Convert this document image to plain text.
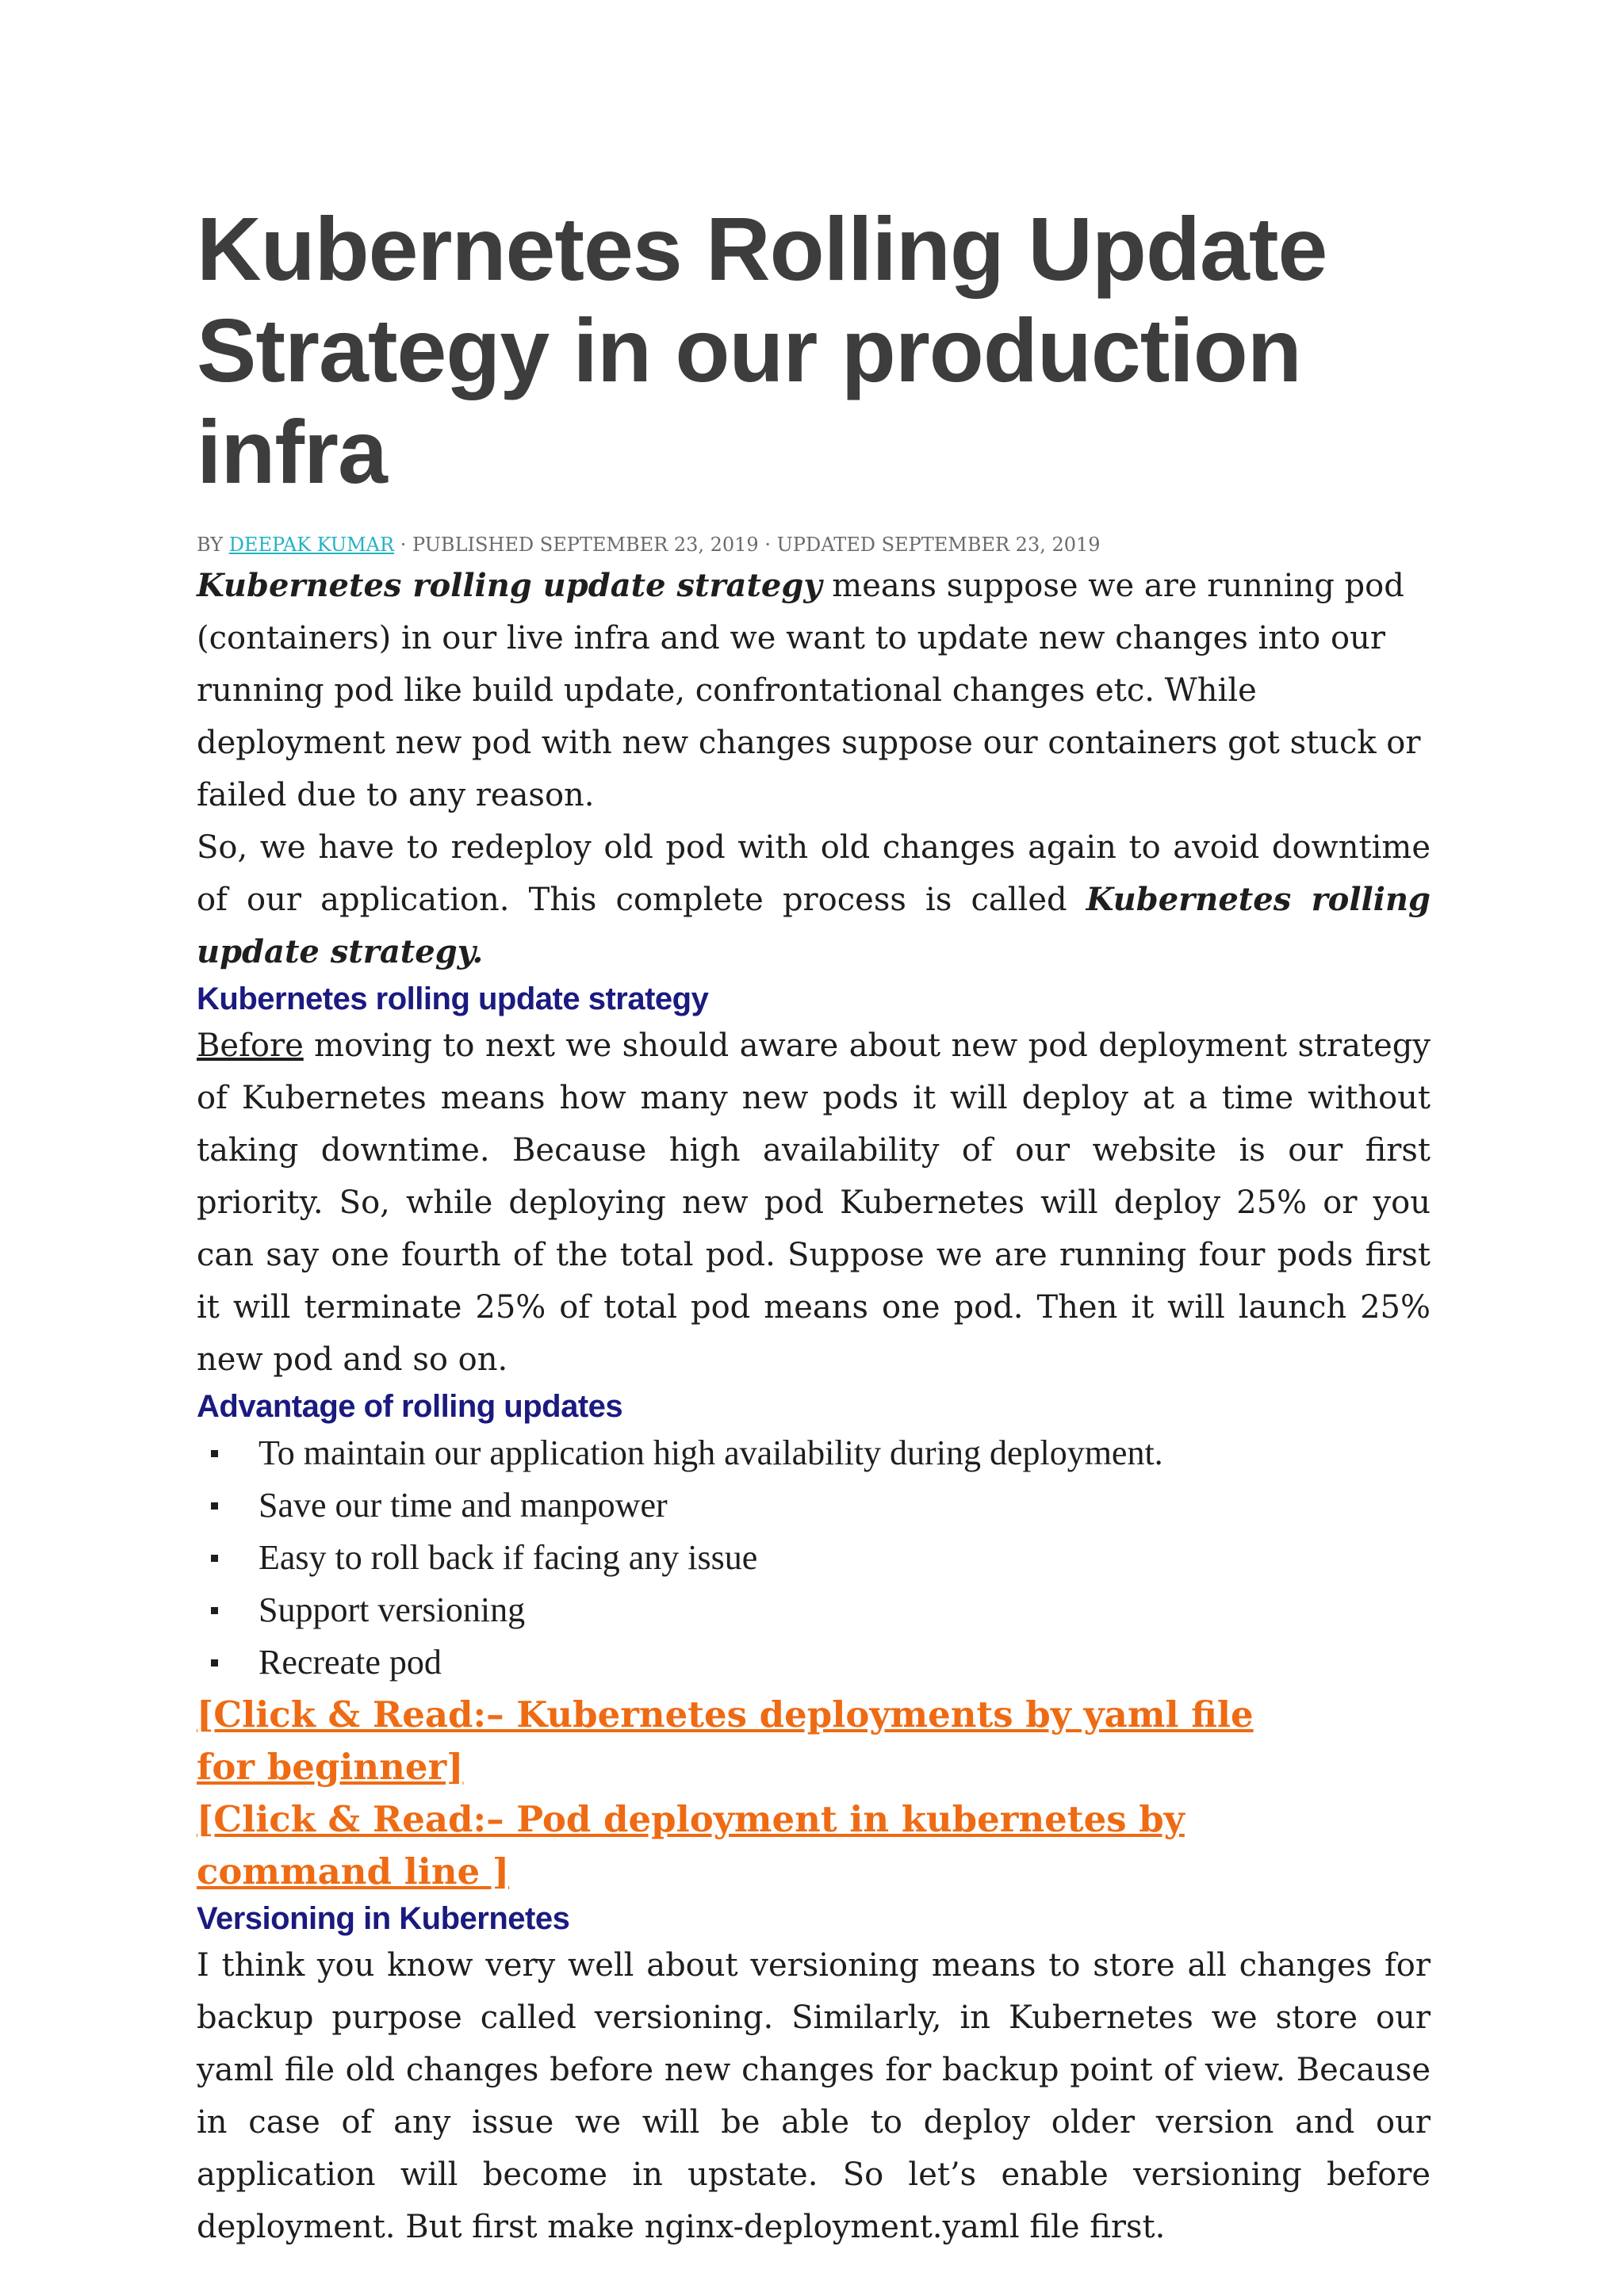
Kubernetes Rolling Update Strategy in our production infra
BY DEEPAK KUMAR · PUBLISHED SEPTEMBER 23, 2019 · UPDATED SEPTEMBER 23, 2019

Kubernetes rolling update strategy means suppose we are running pod (containers) in our live infra and we want to update new changes into our running pod like build update, confrontational changes etc. While deployment new pod with new changes suppose our containers got stuck or failed due to any reason.

So, we have to redeploy old pod with old changes again to avoid downtime of our application. This complete process is called Kubernetes rolling update strategy.

Kubernetes rolling update strategy

Before moving to next we should aware about new pod deployment strategy of Kubernetes means how many new pods it will deploy at a time without taking downtime. Because high availability of our website is our first priority. So, while deploying new pod Kubernetes will deploy 25% or you can say one fourth of the total pod. Suppose we are running four pods first it will terminate 25% of total pod means one pod. Then it will launch 25% new pod and so on.

Advantage of rolling updates
To maintain our application high availability during deployment.
Save our time and manpower
Easy to roll back if facing any issue
Support versioning
Recreate pod
[Click & Read:– Kubernetes deployments by yaml file for beginner]
[Click & Read:– Pod deployment in kubernetes by command line ]
Versioning in Kubernetes

I think you know very well about versioning means to store all changes for backup purpose called versioning. Similarly, in Kubernetes we store our yaml file old changes before new changes for backup point of view. Because in case of any issue we will be able to deploy older version and our application will become in upstate. So let’s enable versioning before deployment. But first make nginx-deployment.yaml file first.
